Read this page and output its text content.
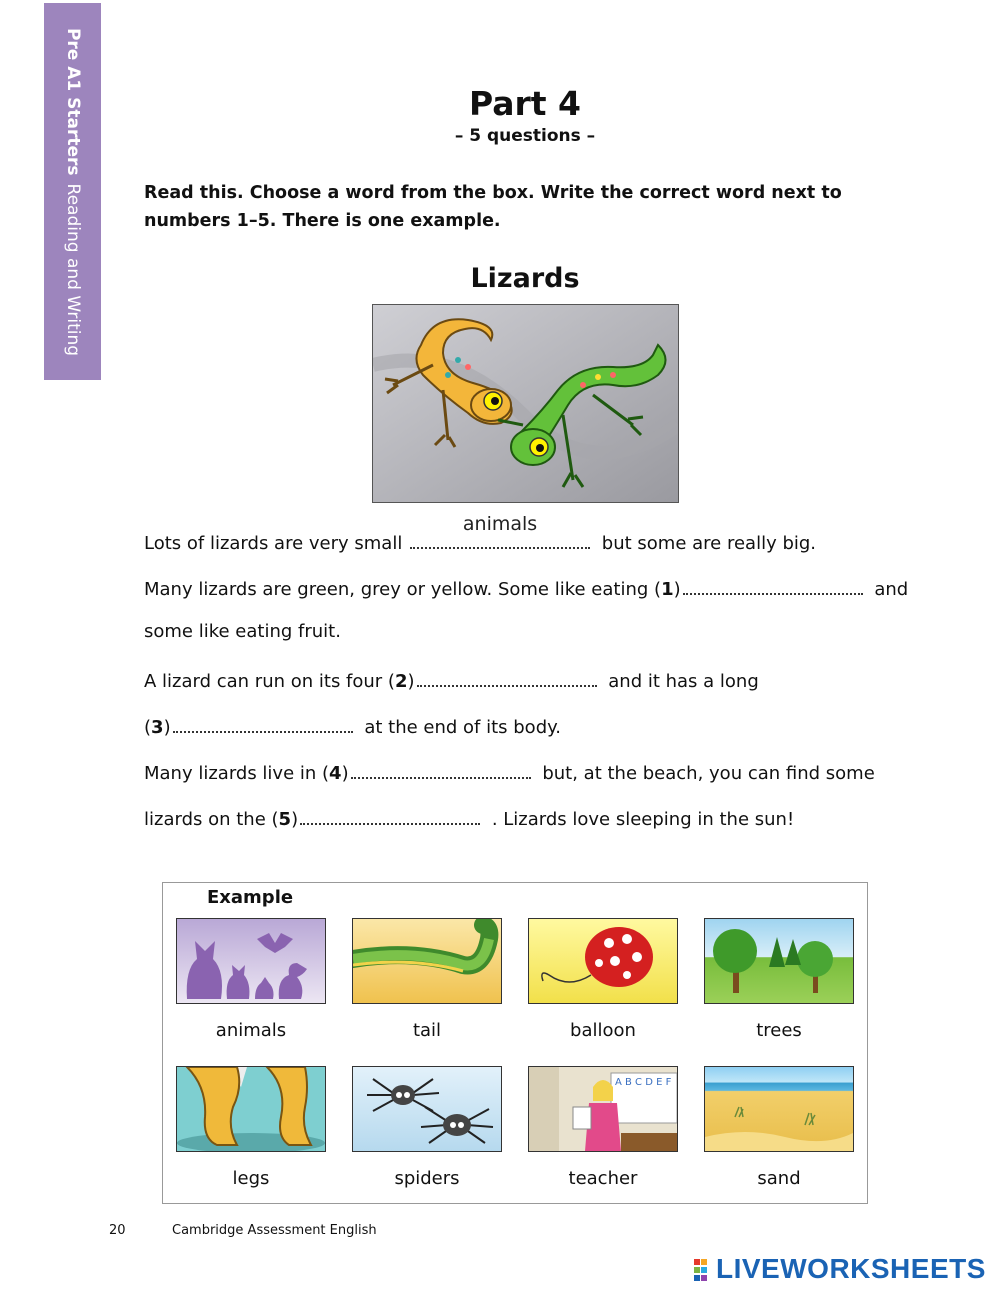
Pre A1 StartersReading and Writing
Part 4
– 5 questions –
Read this. Choose a word from the box. Write the correct word next to numbers 1–5. There is one example.
Lizards
Lots of lizards are very small
animals
but some are really big.
Many lizards are green, grey or yellow. Some like eating (1)	and
some like eating fruit.
A lizard can run on its four (2)	and it has a long
(3)	at the end of its body.
Many lizards live in (4)	but, at the beach, you can find some
lizards on the (5)	. Lizards love sleeping in the sun!
Example
animals	tail	balloon	trees
A B C D E F
legs	spiders	teacher	sand
20	Cambridge Assessment English
LIVEWORKSHEETS
